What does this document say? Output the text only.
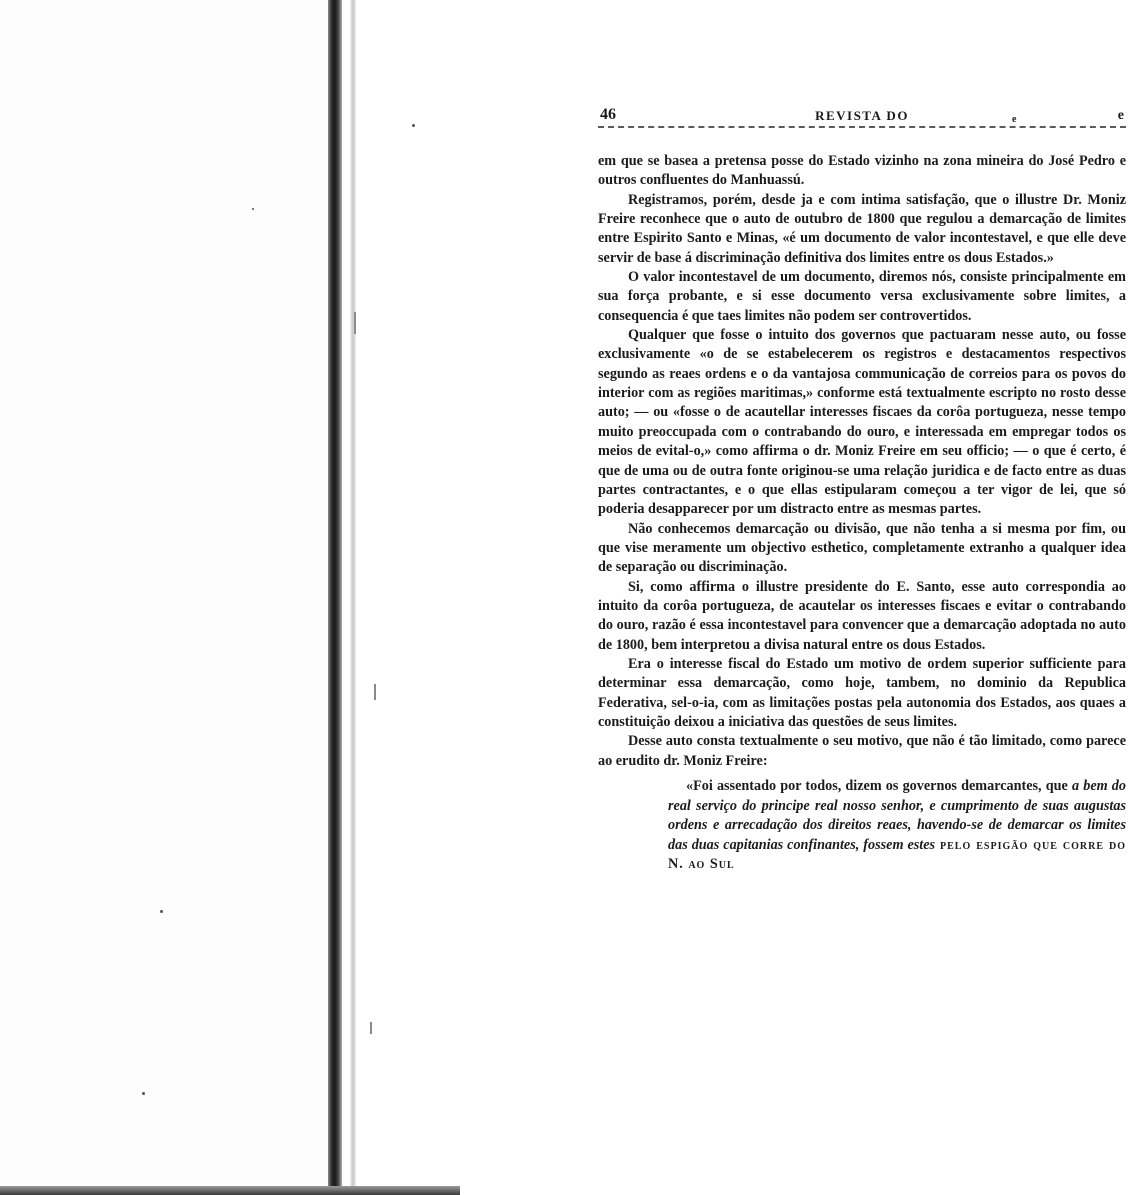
46	REVISTA DO	e	e

em que se basea a pretensa posse do Estado vizinho na zona mineira do José Pedro e outros confluentes do Manhuassú.

Registramos, porém, desde ja e com intima satisfação, que o illustre Dr. Moniz Freire reconhece que o auto de outubro de 1800 que regulou a demarcação de limites entre Espirito Santo e Minas, «é um documento de valor incontestavel, e que elle deve servir de base á discriminação definitiva dos limites entre os dous Estados.»

O valor incontestavel de um documento, diremos nós, consiste principalmente em sua força probante, e si esse documento versa exclusivamente sobre limites, a consequencia é que taes limites não podem ser controvertidos.

Qualquer que fosse o intuito dos governos que pactuaram nesse auto, ou fosse exclusivamente «o de se estabelecerem os registros e destacamentos respectivos segundo as reaes ordens e o da vantajosa communicação de correios para os povos do interior com as regiões maritimas,» conforme está textualmente escripto no rosto desse auto; — ou «fosse o de acautellar interesses fiscaes da corôa portugueza, nesse tempo muito preoccupada com o contrabando do ouro, e interessada em empregar todos os meios de evital-o,» como affirma o dr. Moniz Freire em seu officio; — o que é certo, é que de uma ou de outra fonte originou-se uma relação juridica e de facto entre as duas partes contractantes, e o que ellas estipularam começou a ter vigor de lei, que só poderia desapparecer por um distracto entre as mesmas partes.

Não conhecemos demarcação ou divisão, que não tenha a si mesma por fim, ou que vise meramente um objectivo esthetico, completamente extranho a qualquer idea de separação ou discriminação.

Si, como affirma o illustre presidente do E. Santo, esse auto correspondia ao intuito da corôa portugueza, de acautelar os interesses fiscaes e evitar o contrabando do ouro, razão é essa incontestavel para convencer que a demarcação adoptada no auto de 1800, bem interpretou a divisa natural entre os dous Estados.

Era o interesse fiscal do Estado um motivo de ordem superior sufficiente para determinar essa demarcação, como hoje, tambem, no dominio da Republica Federativa, sel-o-ia, com as limitações postas pela autonomia dos Estados, aos quaes a constituição deixou a iniciativa das questões de seus limites.

Desse auto consta textualmente o seu motivo, que não é tão limitado, como parece ao erudito dr. Moniz Freire:

«Foi assentado por todos, dizem os governos demarcantes, que a bem do real serviço do principe real nosso senhor, e cumprimento de suas augustas ordens e arrecadação dos direitos reaes, havendo-se de demarcar os limites das duas capitanias confinantes, fossem estes pelo espigão que corre do N. ao Sul
